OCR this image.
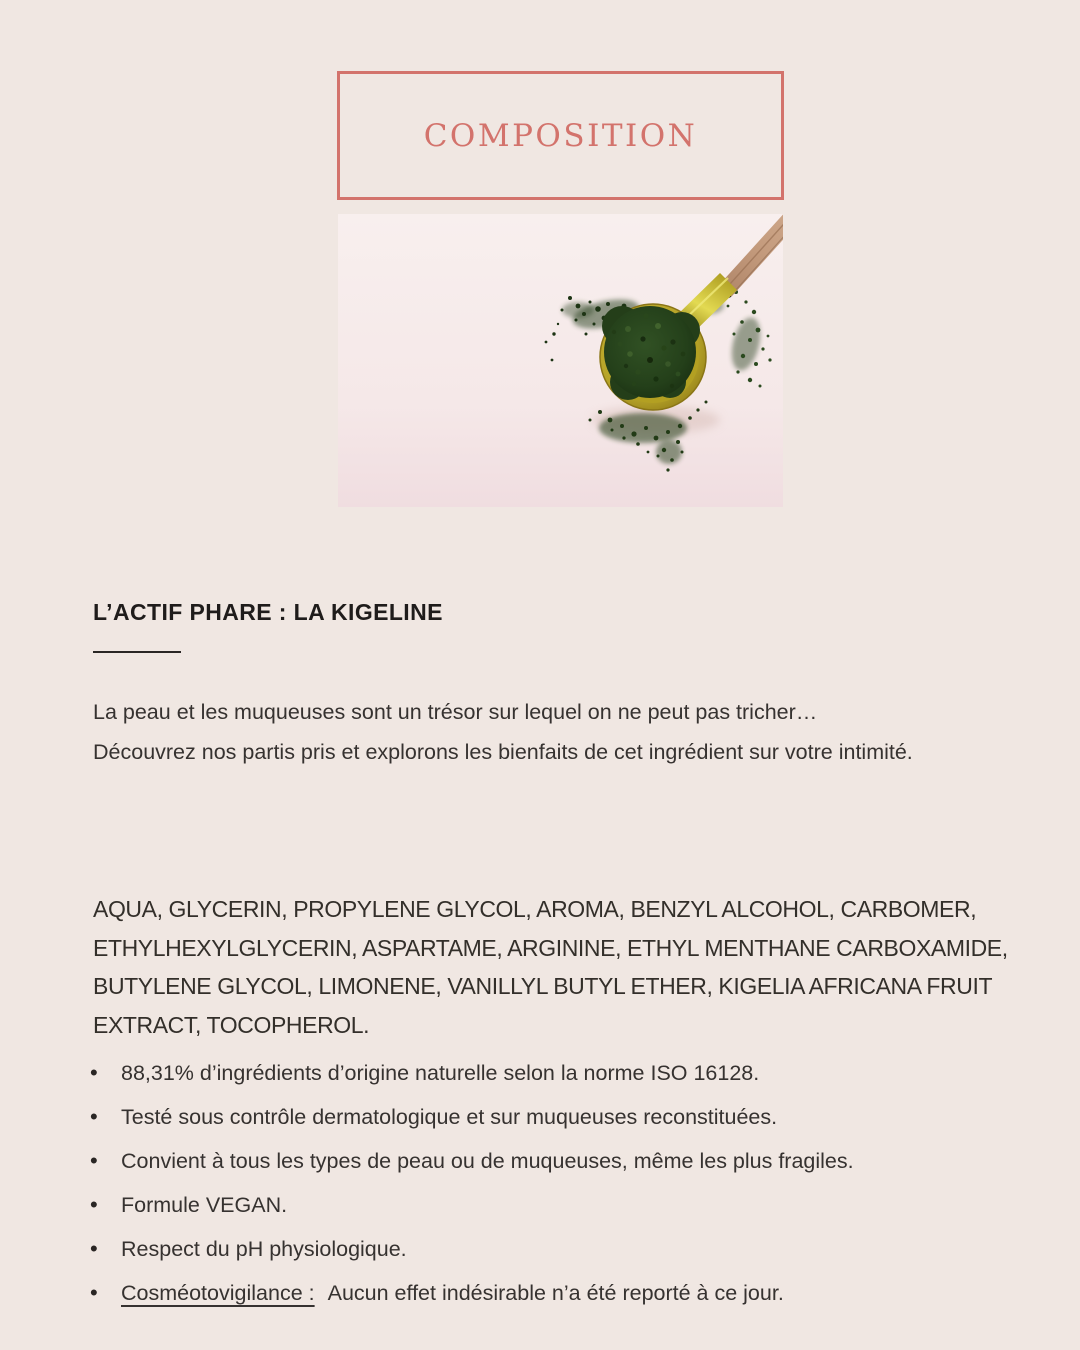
COMPOSITION
L’ACTIF PHARE : LA KIGELINE
La peau et les muqueuses sont un trésor sur lequel on ne peut pas tricher…
Découvrez nos partis pris et explorons les bienfaits de cet ingrédient sur votre intimité.
AQUA, GLYCERIN, PROPYLENE GLYCOL, AROMA, BENZYL ALCOHOL, CARBOMER,
ETHYLHEXYLGLYCERIN, ASPARTAME, ARGININE, ETHYL MENTHANE CARBOXAMIDE,
BUTYLENE GLYCOL, LIMONENE, VANILLYL BUTYL ETHER, KIGELIA AFRICANA FRUIT
EXTRACT, TOCOPHEROL.
• 88,31% d’ingrédients d’origine naturelle selon la norme ISO 16128.
• Testé sous contrôle dermatologique et sur muqueuses reconstituées.
• Convient à tous les types de peau ou de muqueuses, même les plus fragiles.
• Formule VEGAN.
• Respect du pH physiologique.
• Cosméotovigilance : Aucun effet indésirable n’a été reporté à ce jour.
